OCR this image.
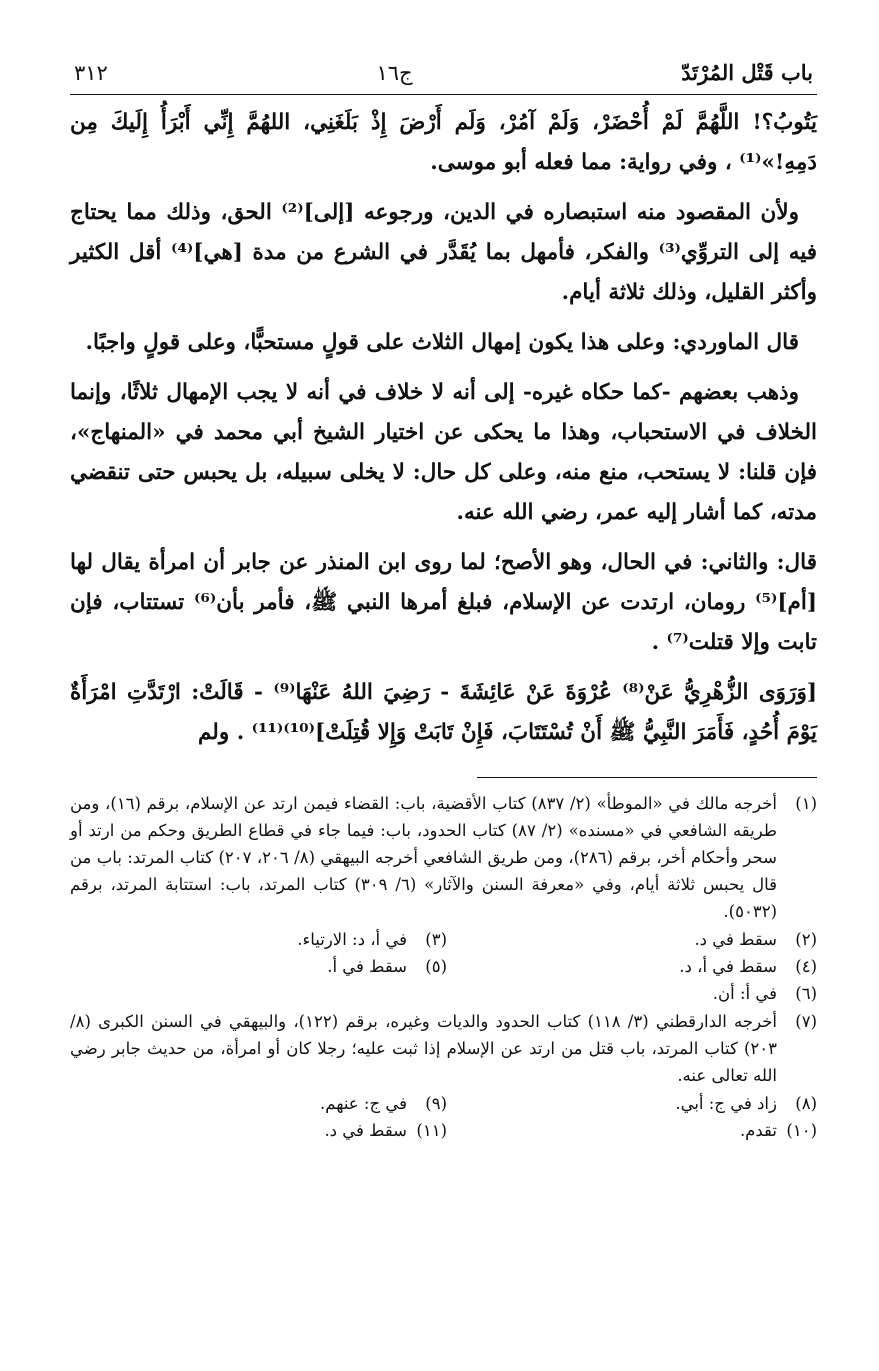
باب قَتْل المُرْتَدّ
ج١٦
٣١٢

يَتُوبُ؟! اللَّهُمَّ لَمْ أُحْضَرْ، وَلَمْ آمُرْ، وَلَم أَرْضَ إِذْ بَلَغَنِي، اللهُمَّ إِنِّي أَبْرَأُ إِلَيكَ مِن دَمِهِ!»⁽¹⁾ ، وفي رواية: مما فعله أبو موسى.

ولأن المقصود منه استبصاره في الدين، ورجوعه [إلى]⁽²⁾ الحق، وذلك مما يحتاج فيه إلى التروِّي⁽³⁾ والفكر، فأمهل بما يُقَدَّر في الشرع من مدة [هي]⁽⁴⁾ أقل الكثير وأكثر القليل، وذلك ثلاثة أيام.

قال الماوردي: وعلى هذا يكون إمهال الثلاث على قولٍ مستحبًّا، وعلى قولٍ واجبًا.

وذهب بعضهم -كما حكاه غيره- إلى أنه لا خلاف في أنه لا يجب الإمهال ثلاثًا، وإنما الخلاف في الاستحباب، وهذا ما يحكى عن اختيار الشيخ أبي محمد في «المنهاج»، فإن قلنا: لا يستحب، منع منه، وعلى كل حال: لا يخلى سبيله، بل يحبس حتى تنقضي مدته، كما أشار إليه عمر، رضي الله عنه.

قال: والثاني: في الحال، وهو الأصح؛ لما روى ابن المنذر عن جابر أن امرأة يقال لها [أم]⁽⁵⁾ رومان، ارتدت عن الإسلام، فبلغ أمرها النبي ﷺ، فأمر بأن⁽⁶⁾ تستتاب، فإن تابت وإلا قتلت⁽⁷⁾ .

[وَرَوَى الزُّهْرِيُّ عَنْ⁽⁸⁾ عُرْوَةَ عَنْ عَائِشَةَ - رَضِيَ اللهُ عَنْهَا⁽⁹⁾ - قَالَتْ: ارْتَدَّتِ امْرَأَةٌ يَوْمَ أُحُدٍ، فَأَمَرَ النَّبِيُّ ﷺ أَنْ تُسْتَتَابَ، فَإِنْ تَابَتْ وَإِلا قُتِلَتْ]⁽¹⁰⁾⁽¹¹⁾ . ولم

(١)
أخرجه مالك في «الموطأ» (٢/ ٨٣٧) كتاب الأقضية، باب: القضاء فيمن ارتد عن الإسلام، برقم (١٦)، ومن طريقه الشافعي في «مسنده» (٢/ ٨٧) كتاب الحدود، باب: فيما جاء في قطاع الطريق وحكم من ارتد أو سحر وأحكام أخر، برقم (٢٨٦)، ومن طريق الشافعي أخرجه البيهقي (٨/ ٢٠٦، ٢٠٧) كتاب المرتد: باب من قال يحبس ثلاثة أيام، وفي «معرفة السنن والآثار» (٦/ ٣٠٩) كتاب المرتد، باب: استتابة المرتد، برقم (٥٠٣٢).
(٢)
سقط في د.
(٣)
في أ، د: الارتياء.
(٤)
سقط في أ، د.
(٥)
سقط في أ.
(٦)
في أ: أن.
(٧)
أخرجه الدارقطني (٣/ ١١٨) كتاب الحدود والديات وغيره، برقم (١٢٢)، والبيهقي في السنن الكبرى (٨/ ٢٠٣) كتاب المرتد، باب قتل من ارتد عن الإسلام إذا ثبت عليه؛ رجلا كان أو امرأة، من حديث جابر رضي الله تعالى عنه.
(٨)
زاد في ج: أبي.
(٩)
في ج: عنهم.
(١٠)
تقدم.
(١١)
سقط في د.
